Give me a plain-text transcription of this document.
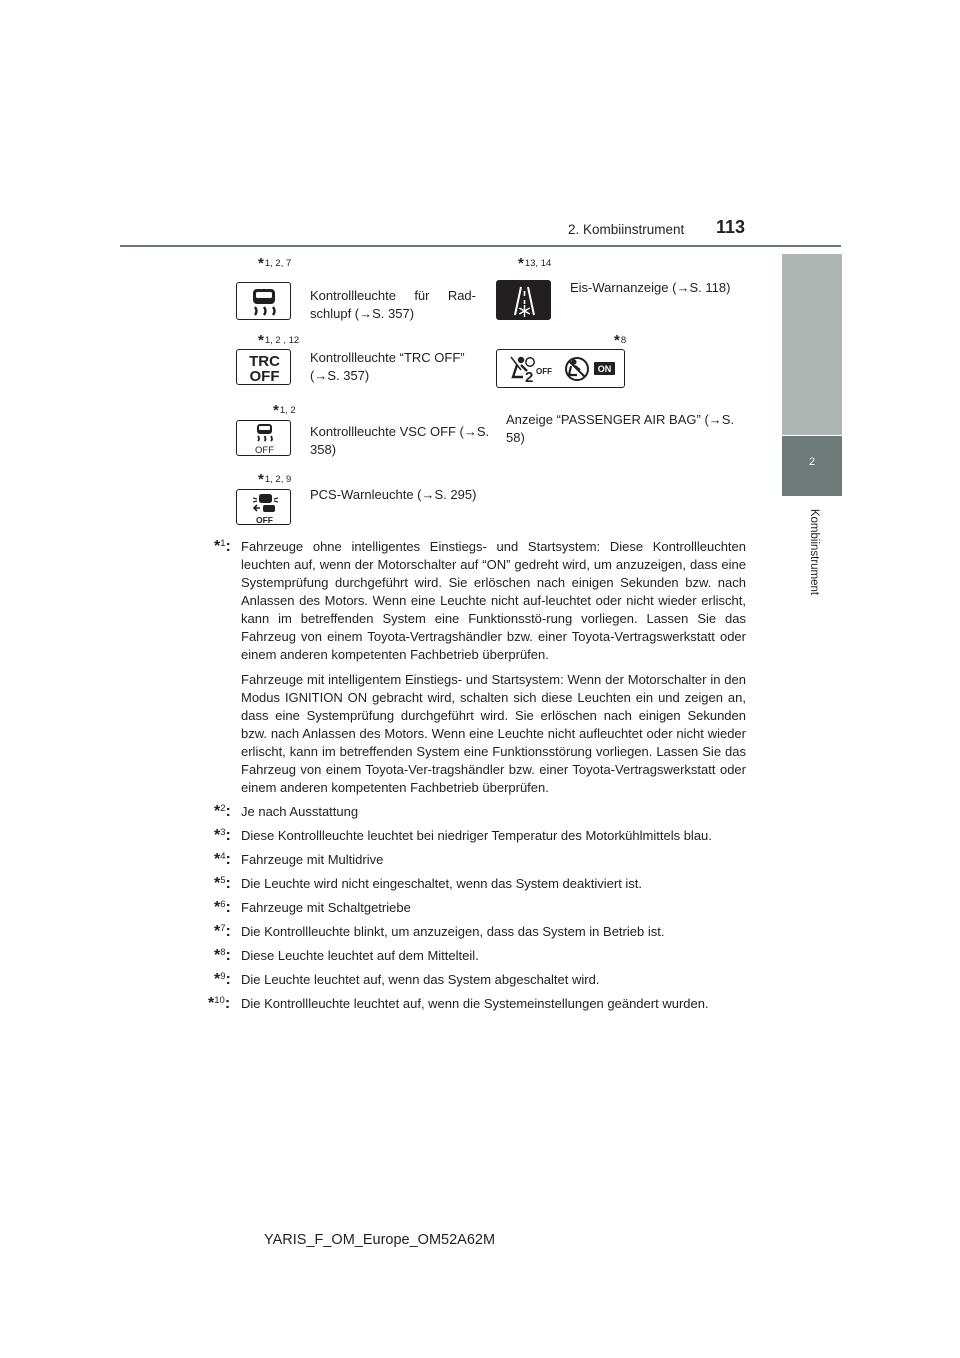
2. Kombiinstrument 113
2
Kombiinstrument
*1, 2, 7
Kontrollleuchte für Rad-schlupf (→S. 357)
*13, 14
Eis-Warnanzeige (→S. 118)
*1, 2 , 12
TRC
OFF
Kontrollleuchte “TRC OFF” (→S. 357)
*8
2 OFF	ON
Anzeige “PASSENGER AIR BAG” (→S. 58)
*1, 2
OFF
Kontrollleuchte VSC OFF (→S. 358)
*1, 2, 9
OFF
PCS-Warnleuchte (→S. 295)
*$^1$: Fahrzeuge ohne intelligentes Einstiegs- und Startsystem: Diese Kontrollleuchten leuchten auf, wenn der Motorschalter auf “ON” gedreht wird, um anzuzeigen, dass eine Systemprüfung durchgeführt wird. Sie erlöschen nach einigen Sekunden bzw. nach Anlassen des Motors. Wenn eine Leuchte nicht auf-leuchtet oder nicht wieder erlischt, kann im betreffenden System eine Funktionsstö-rung vorliegen. Lassen Sie das Fahrzeug von einem Toyota-Vertragshändler bzw. einer Toyota-Vertragswerkstatt oder einem anderen kompetenten Fachbetrieb überprüfen.

Fahrzeuge mit intelligentem Einstiegs- und Startsystem: Wenn der Motorschalter in den Modus IGNITION ON gebracht wird, schalten sich diese Leuchten ein und zeigen an, dass eine Systemprüfung durchgeführt wird. Sie erlöschen nach einigen Sekunden bzw. nach Anlassen des Motors. Wenn eine Leuchte nicht aufleuchtet oder nicht wieder erlischt, kann im betreffenden System eine Funktionsstörung vorliegen. Lassen Sie das Fahrzeug von einem Toyota-Ver-tragshändler bzw. einer Toyota-Vertragswerkstatt oder einem anderen kompetenten Fachbetrieb überprüfen.

*$^2$: Je nach Ausstattung
*$^3$: Diese Kontrollleuchte leuchtet bei niedriger Temperatur des Motorkühlmittels blau.
*$^4$: Fahrzeuge mit Multidrive
*$^5$: Die Leuchte wird nicht eingeschaltet, wenn das System deaktiviert ist.
*$^6$: Fahrzeuge mit Schaltgetriebe
*$^7$: Die Kontrollleuchte blinkt, um anzuzeigen, dass das System in Betrieb ist.
*$^8$: Diese Leuchte leuchtet auf dem Mittelteil.
*$^9$: Die Leuchte leuchtet auf, wenn das System abgeschaltet wird.
*$^{10}$: Die Kontrollleuchte leuchtet auf, wenn die Systemeinstellungen geändert wurden.
YARIS_F_OM_Europe_OM52A62M
